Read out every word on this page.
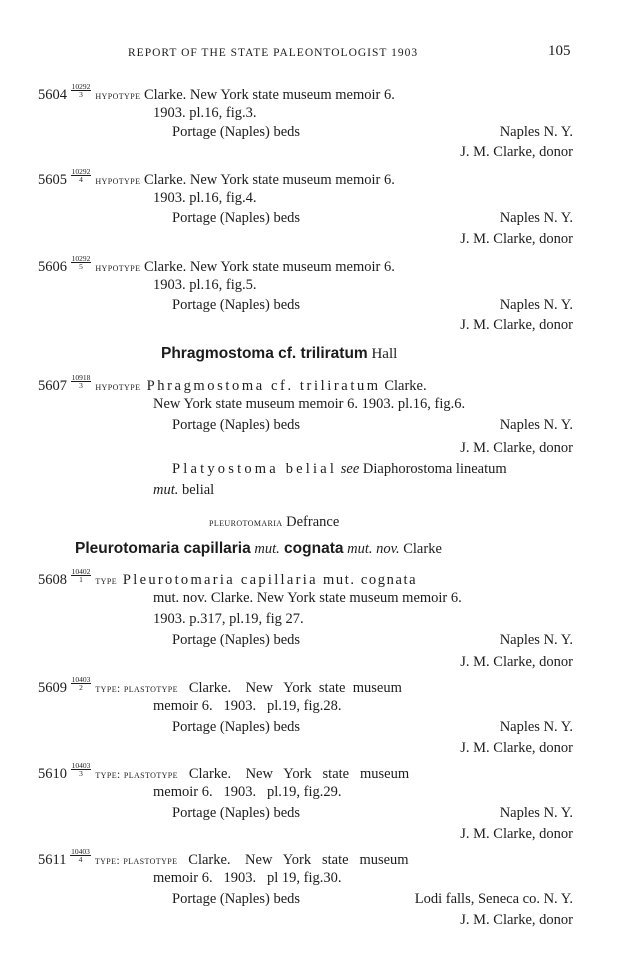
REPORT OF THE STATE PALEONTOLOGIST 1903	105
$5604 \frac{10292}{3}$ hypotype Clarke. New York state museum memoir 6.
1903. pl.16, fig.3.
Portage (Naples) beds	Naples N. Y.
J. M. Clarke, donor
$5605 \frac{10292}{4}$ hypotype Clarke. New York state museum memoir 6.
1903. pl.16, fig.4.
Portage (Naples) beds	Naples N. Y.
J. M. Clarke, donor
$5606 \frac{10292}{5}$ hypotype Clarke. New York state museum memoir 6.
1903. pl.16, fig.5.
Portage (Naples) beds	Naples N. Y.
J. M. Clarke, donor
Phragmostoma cf. triliratum Hall
$5607 \frac{10918}{3}$ hypotype Phragmostoma cf. triliratum Clarke.
New York state museum memoir 6. 1903. pl.16, fig.6.
Portage (Naples) beds	Naples N. Y.
J. M. Clarke, donor
Platyostoma belial see Diaphorostoma lineatum
mut. belial
pleurotomaria Defrance
Pleurotomaria capillaria mut. cognata mut. nov. Clarke
$5608 \frac{10402}{1}$ type Pleurotomaria capillaria mut. cognata
mut. nov. Clarke. New York state museum memoir 6.
1903. p.317, pl.19, fig 27.
Portage (Naples) beds	Naples N. Y.
J. M. Clarke, donor
$5609 \frac{10403}{2}$ type: plastotype   Clarke.    New   York  state  museum
memoir 6.   1903.   pl.19, fig.28.
Portage (Naples) beds	Naples N. Y.
J. M. Clarke, donor
$5610 \frac{10403}{3}$ type: plastotype   Clarke.    New   York   state   museum
memoir 6.   1903.   pl.19, fig.29.
Portage (Naples) beds	Naples N. Y.
J. M. Clarke, donor
$5611 \frac{10403}{4}$ type: plastotype   Clarke.    New   York   state   museum
memoir 6.   1903.   pl 19, fig.30.
Portage (Naples) beds	Lodi falls, Seneca co. N. Y.
J. M. Clarke, donor
